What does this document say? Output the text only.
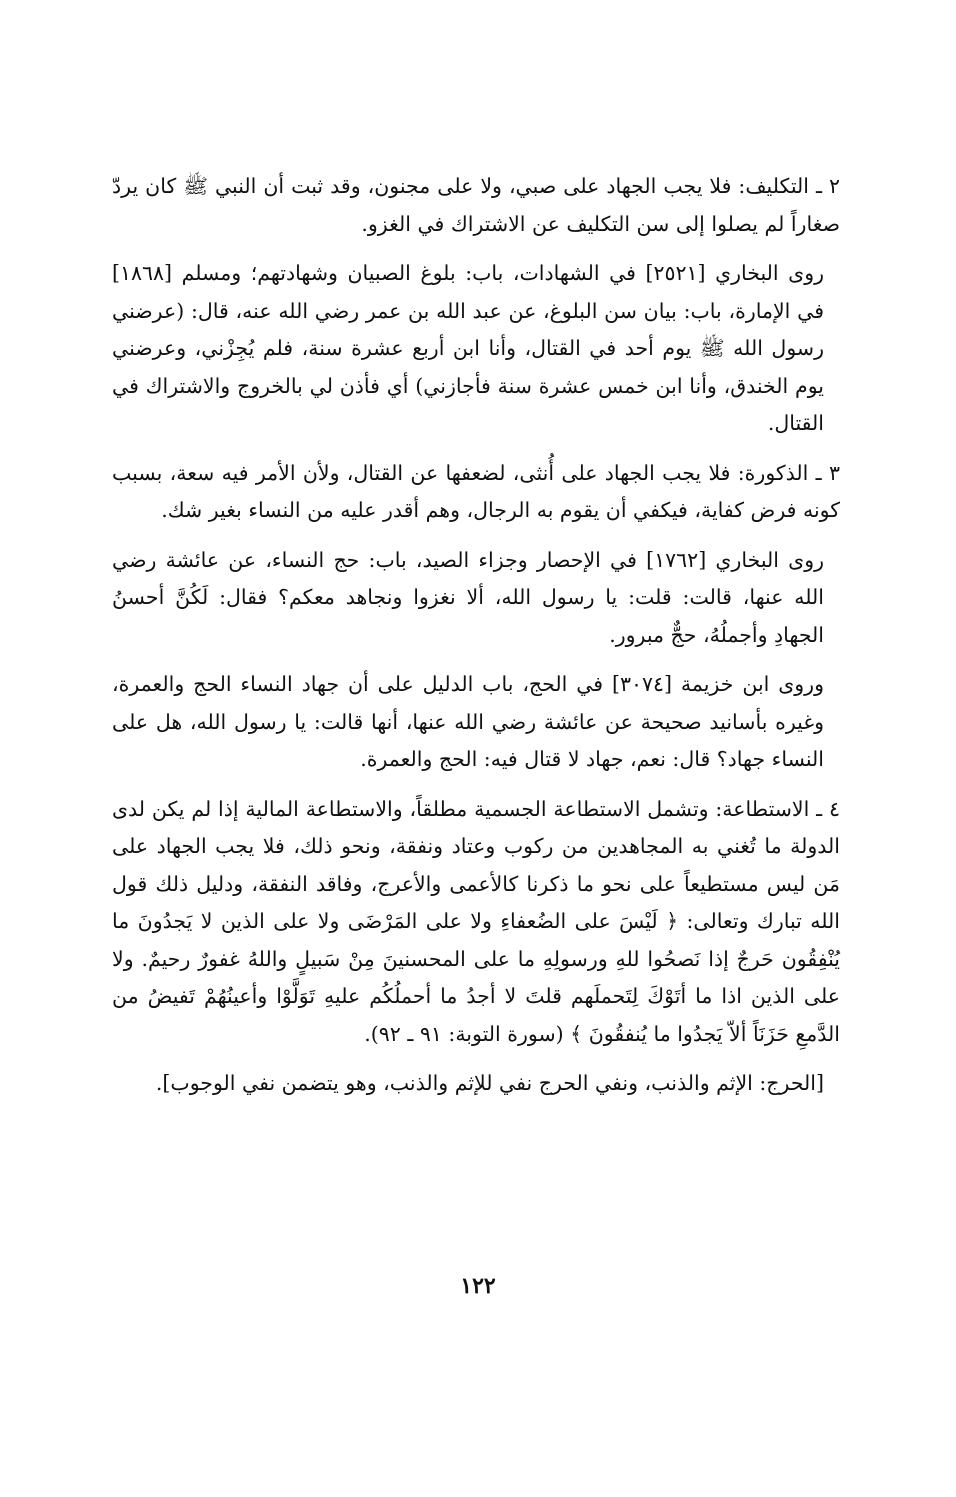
٢ ـ التكليف: فلا يجب الجهاد على صبي، ولا على مجنون، وقد ثبت أن النبي ﷺ كان يردّ صغاراً لم يصلوا إلى سن التكليف عن الاشتراك في الغزو.

روى البخاري [٢٥٢١] في الشهادات، باب: بلوغ الصبيان وشهادتهم؛ ومسلم [١٨٦٨] في الإمارة، باب: بيان سن البلوغ، عن عبد الله بن عمر رضي الله عنه، قال: (عرضني رسول الله ﷺ يوم أحد في القتال، وأنا ابن أربع عشرة سنة، فلم يُجِزْني، وعرضني يوم الخندق، وأنا ابن خمس عشرة سنة فأجازني) أي فأذن لي بالخروج والاشتراك في القتال.

٣ ـ الذكورة: فلا يجب الجهاد على أُنثى، لضعفها عن القتال، ولأن الأمر فيه سعة، بسبب كونه فرض كفاية، فيكفي أن يقوم به الرجال، وهم أقدر عليه من النساء بغير شك.

روى البخاري [١٧٦٢] في الإحصار وجزاء الصيد، باب: حج النساء، عن عائشة رضي الله عنها، قالت: قلت: يا رسول الله، ألا نغزوا ونجاهد معكم؟ فقال: لَكُنَّ أحسنُ الجهادِ وأجملُهُ، حجٌّ مبرور.

وروى ابن خزيمة [٣٠٧٤] في الحج، باب الدليل على أن جهاد النساء الحج والعمرة، وغيره بأسانيد صحيحة عن عائشة رضي الله عنها، أنها قالت: يا رسول الله، هل على النساء جهاد؟ قال: نعم، جهاد لا قتال فيه: الحج والعمرة.

٤ ـ الاستطاعة: وتشمل الاستطاعة الجسمية مطلقاً، والاستطاعة المالية إذا لم يكن لدى الدولة ما تُغني به المجاهدين من ركوب وعتاد ونفقة، ونحو ذلك، فلا يجب الجهاد على مَن ليس مستطيعاً على نحو ما ذكرنا كالأعمى والأعرج، وفاقد النفقة، ودليل ذلك قول الله تبارك وتعالى: ﴿ لَيْسَ على الضُعفاءِ ولا على المَرْضَى ولا على الذين لا يَجدُونَ ما يُنْفِقُون حَرجٌ إذا نَصحُوا للهِ ورسولِهِ ما على المحسنينَ مِنْ سَبيلٍ واللهُ غفورٌ رحيمٌ. ولا على الذين اذا ما أتَوْكَ لِتَحملَهم قلتَ لا أجدُ ما أحملُكُم عليهِ تَوَلَّوْا وأعينُهُمْ تَفيضُ من الدَّمعِ حَزَنَاً ألاّ يَجدُوا ما يُنفقُونَ ﴾ (سورة التوبة: ٩١ ـ ٩٢).

[الحرج: الإثم والذنب، ونفي الحرج نفي للإثم والذنب، وهو يتضمن نفي الوجوب].

١٢٢
